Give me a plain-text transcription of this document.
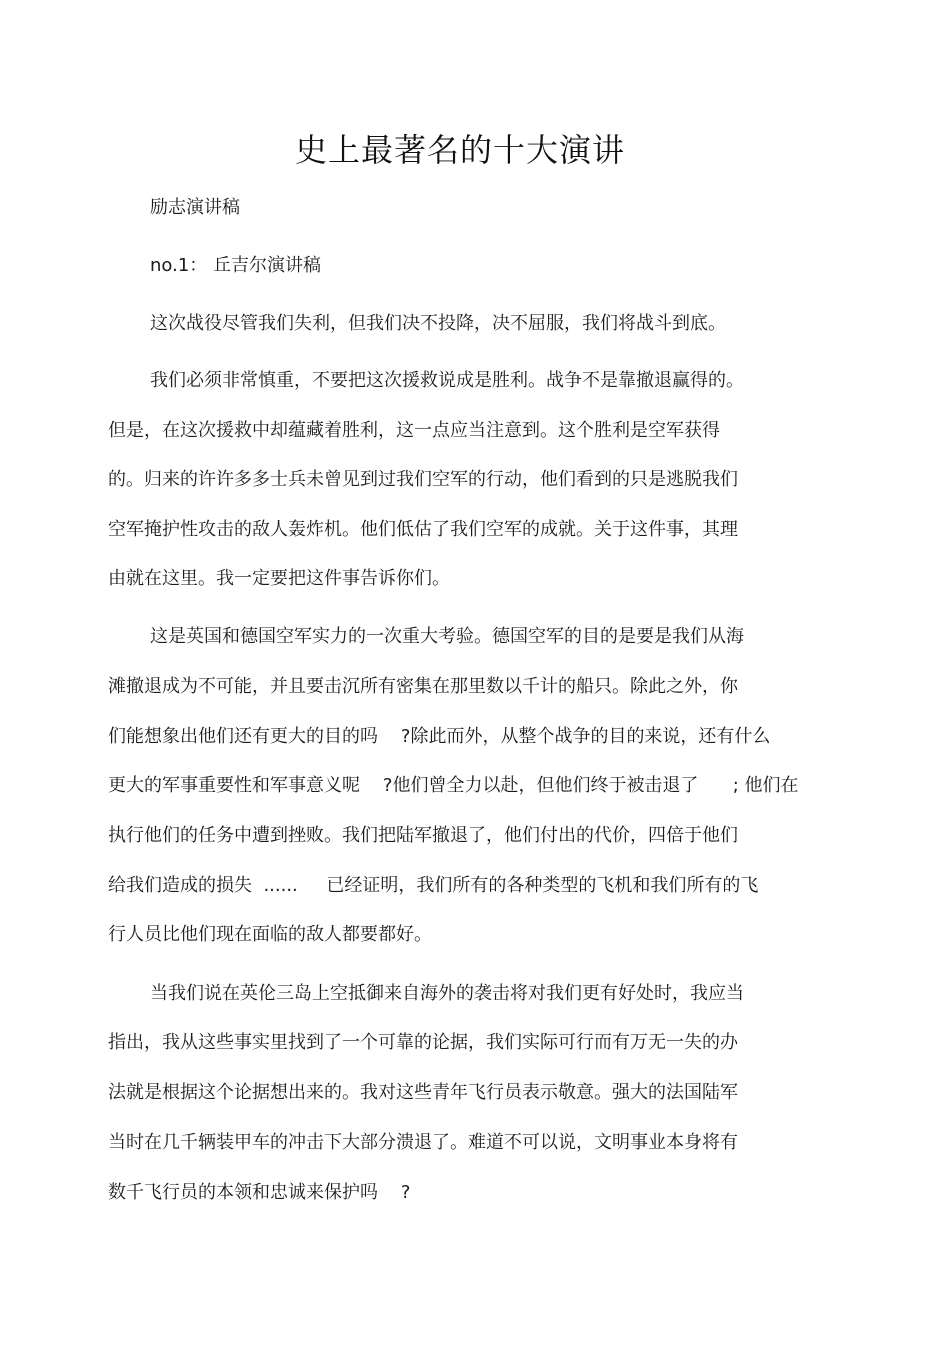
史上最著名的十大演讲
励志演讲稿
no.1： 丘吉尔演讲稿
这次战役尽管我们失利，但我们决不投降，决不屈服，我们将战斗到底。
我们必须非常慎重，不要把这次援救说成是胜利。战争不是靠撤退赢得的。
但是，在这次援救中却蕴藏着胜利，这一点应当注意到。这个胜利是空军获得
的。归来的许许多多士兵未曾见到过我们空军的行动，他们看到的只是逃脱我们
空军掩护性攻击的敌人轰炸机。他们低估了我们空军的成就。关于这件事，其理
由就在这里。我一定要把这件事告诉你们。
这是英国和德国空军实力的一次重大考验。德国空军的目的是要是我们从海
滩撤退成为不可能，并且要击沉所有密集在那里数以千计的船只。除此之外，你
们能想象出他们还有更大的目的吗    ?除此而外，从整个战争的目的来说，还有什么
更大的军事重要性和军事意义呢    ?他们曾全力以赴，但他们终于被击退了      ; 他们在
执行他们的任务中遭到挫败。我们把陆军撤退了，他们付出的代价，四倍于他们
给我们造成的损失  ......     已经证明，我们所有的各种类型的飞机和我们所有的飞
行人员比他们现在面临的敌人都要都好。
当我们说在英伦三岛上空抵御来自海外的袭击将对我们更有好处时，我应当
指出，我从这些事实里找到了一个可靠的论据，我们实际可行而有万无一失的办
法就是根据这个论据想出来的。我对这些青年飞行员表示敬意。强大的法国陆军
当时在几千辆装甲车的冲击下大部分溃退了。难道不可以说，文明事业本身将有
数千飞行员的本领和忠诚来保护吗    ?
